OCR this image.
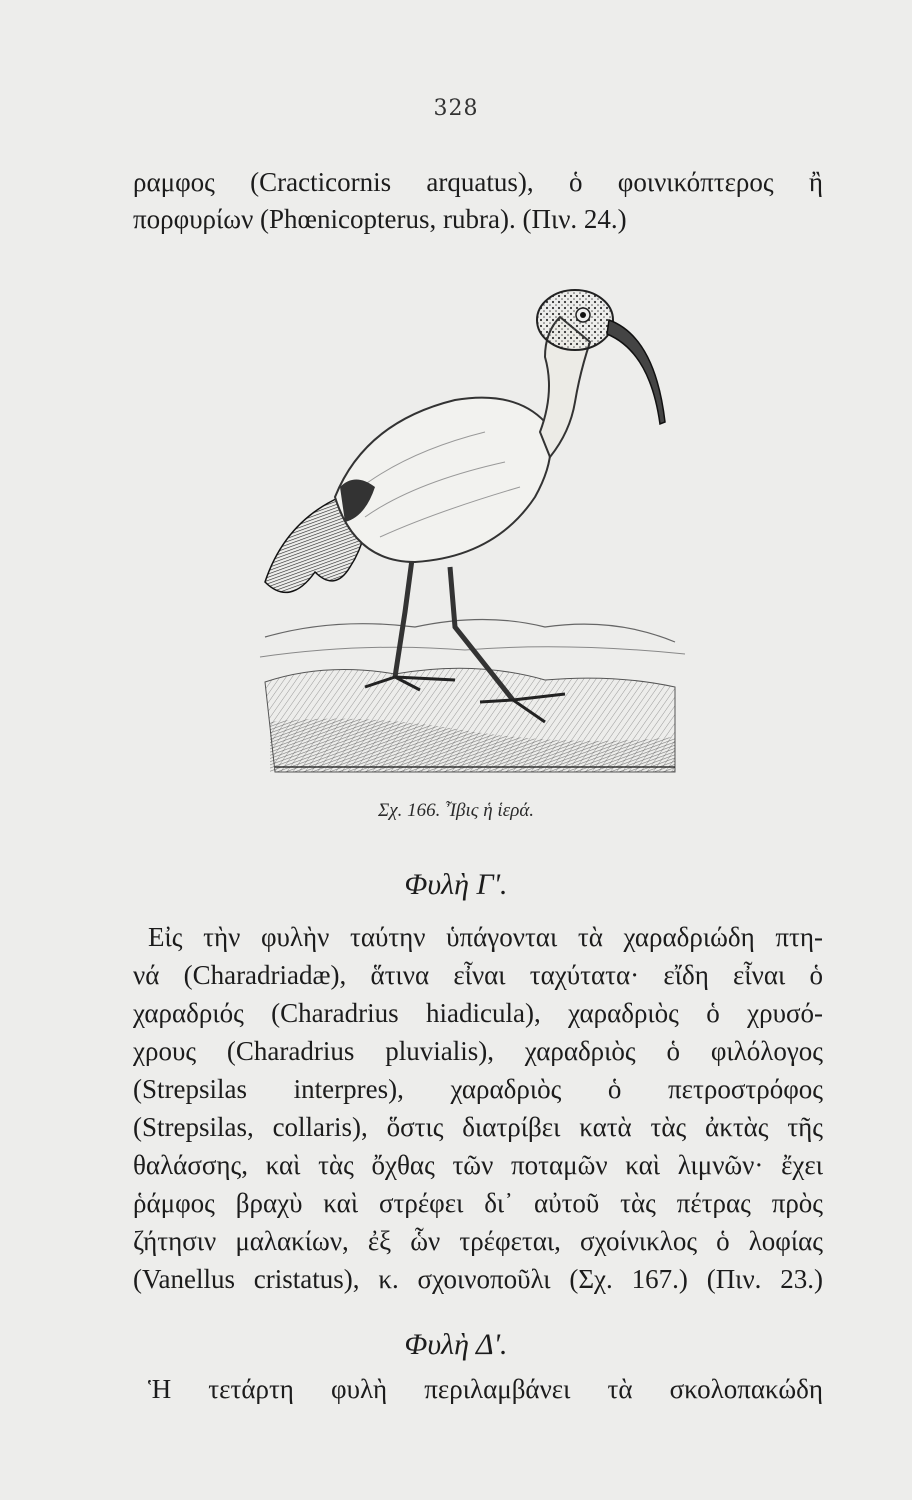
328
ραμφος (Cracticornis arquatus), ὁ φοινικόπτερος ἢ
πορφυρίων (Phœnicopterus, rubra). (Πιν. 24.)
Σχ. 166. Ἶβις ἡ ἱερά.
Φυλὴ Γ'.
Εἰς τὴν φυλὴν ταύτην ὑπάγονται τὰ χαραδριώδη πτη-
νά (Charadriadæ), ἅτινα εἶναι ταχύτατα· εἴδη εἶναι ὁ
χαραδριός (Charadrius hiadicula), χαραδριὸς ὁ χρυσό-
χρους (Charadrius pluvialis), χαραδριὸς ὁ φιλόλογος
(Strepsilas interpres), χαραδριὸς ὁ πετροστρόφος
(Strepsilas, collaris), ὅστις διατρίβει κατὰ τὰς ἀκτὰς τῆς
θαλάσσης, καὶ τὰς ὄχθας τῶν ποταμῶν καὶ λιμνῶν· ἔχει
ῥάμφος βραχὺ καὶ στρέφει δι᾽ αὐτοῦ τὰς πέτρας πρὸς
ζήτησιν μαλακίων, ἐξ ὧν τρέφεται, σχοίνικλος ὁ λοφίας
(Vanellus cristatus), κ. σχοινοποῦλι (Σχ. 167.) (Πιν. 23.)
Φυλὴ Δ'.
Ἡ τετάρτη φυλὴ περιλαμβάνει τὰ σκολοπακώδη
